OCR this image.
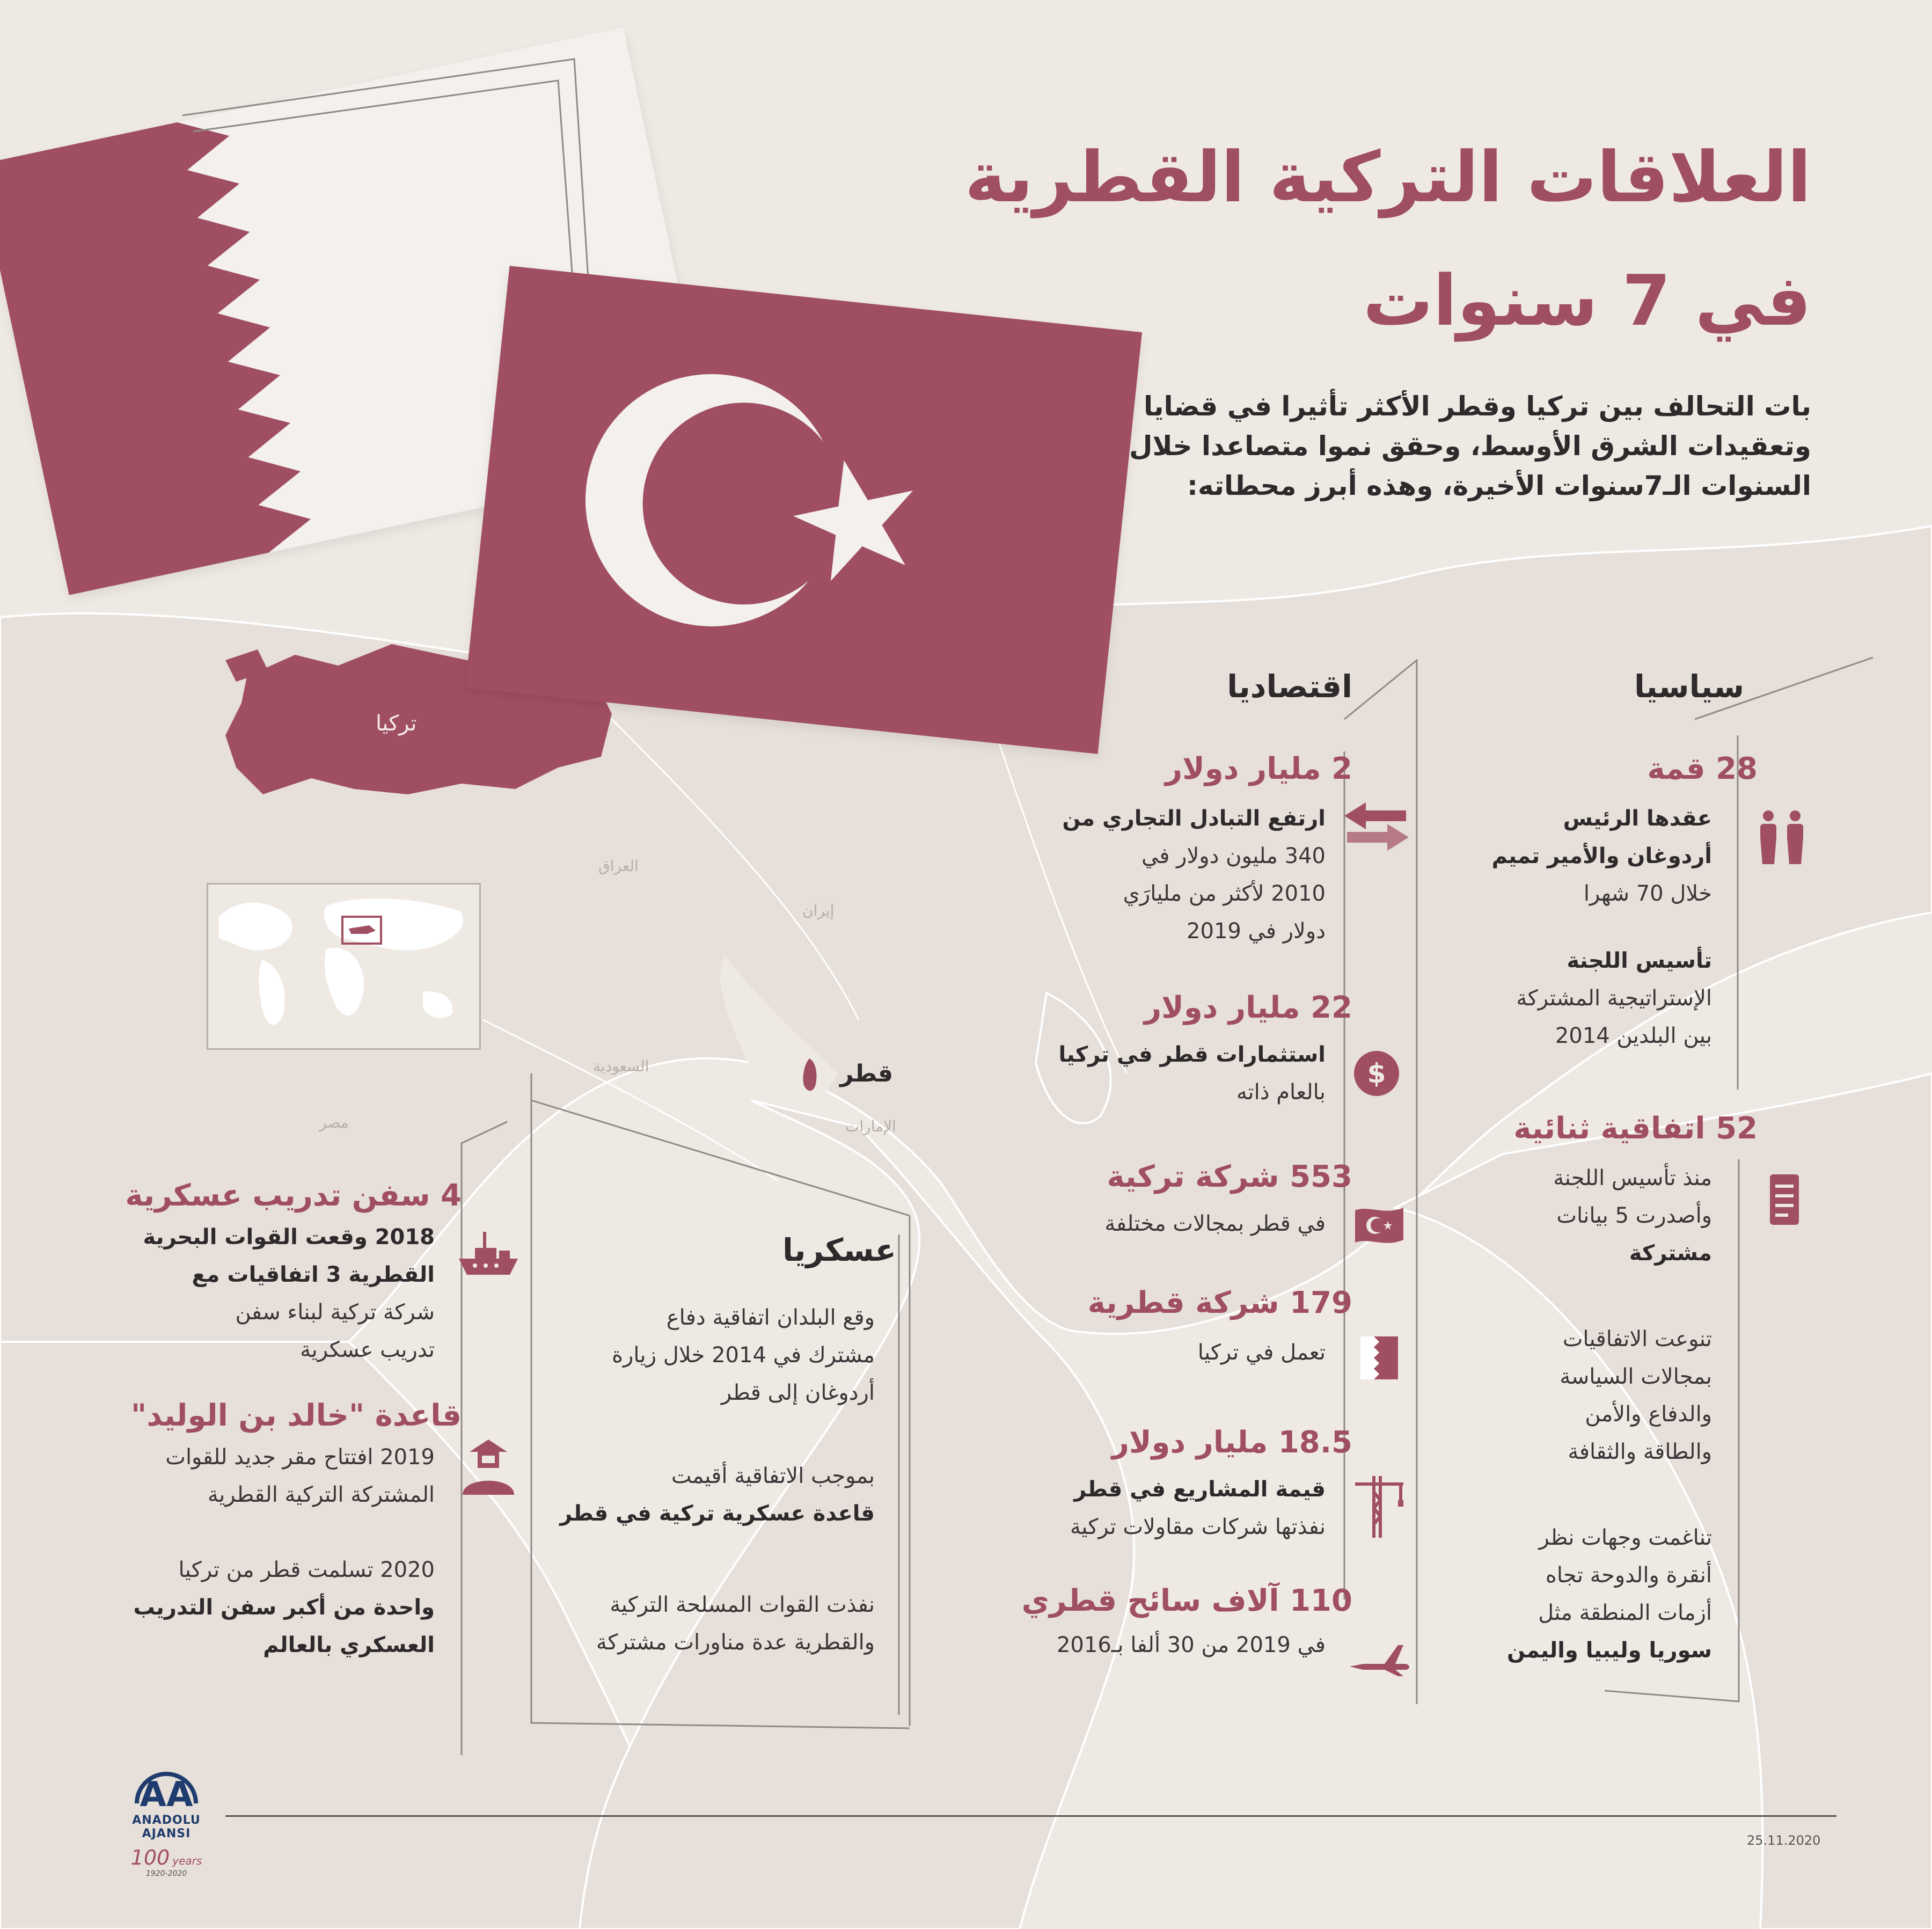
تركيا
العراق
إيران
السعودية
مصر	الإمارات
قطر
العلاقات التركية القطرية
في 7 سنوات
بات التحالف بين تركيا وقطر الأكثر تأثيرا في قضايا
وتعقيدات الشرق الأوسط، وحقق نموا متصاعدا خلال
السنوات الـ7سنوات الأخيرة، وهذه أبرز محطاته:
سياسيا
28 قمة
عقدها الرئيس
أردوغان والأمير تميم
خلال 70 شهرا
تأسيس اللجنة
الإستراتيجية المشتركة
بين البلدين 2014
52 اتفاقية ثنائية
منذ تأسيس اللجنة
وأصدرت 5 بيانات
مشتركة
تنوعت الاتفاقيات
بمجالات السياسة
والدفاع والأمن
والطاقة والثقافة
تناغمت وجهات نظر
أنقرة والدوحة تجاه
أزمات المنطقة مثل
سوريا وليبيا واليمن
اقتصاديا
2 مليار دولار
ارتفع التبادل التجاري من
340 مليون دولار في
2010 لأكثر من مليارَي
دولار في 2019
22 مليار دولار
استثمارات قطر في تركيا
بالعام ذاته
$
553 شركة تركية
في قطر بمجالات مختلفة
179 شركة قطرية
تعمل في تركيا
18.5 مليار دولار
قيمة المشاريع في قطر
نفذتها شركات مقاولات تركية
110 آلاف سائح قطري
في 2019 من 30 ألفا بـ2016
عسكريا
وقع البلدان اتفاقية دفاع
مشترك في 2014 خلال زيارة
أردوغان إلى قطر
بموجب الاتفاقية أقيمت
قاعدة عسكرية تركية في قطر
نفذت القوات المسلحة التركية
والقطرية عدة مناورات مشتركة
4 سفن تدريب عسكرية
2018 وقعت القوات البحرية
القطرية 3 اتفاقيات مع
شركة تركية لبناء سفن
تدريب عسكرية
قاعدة "خالد بن الوليد"
2019 افتتاح مقر جديد للقوات
المشتركة التركية القطرية
2020 تسلمت قطر من تركيا
واحدة من أكبر سفن التدريب
العسكري بالعالم
AA
ANADOLU AJANSI
100 years
1920-2020
25.11.2020
